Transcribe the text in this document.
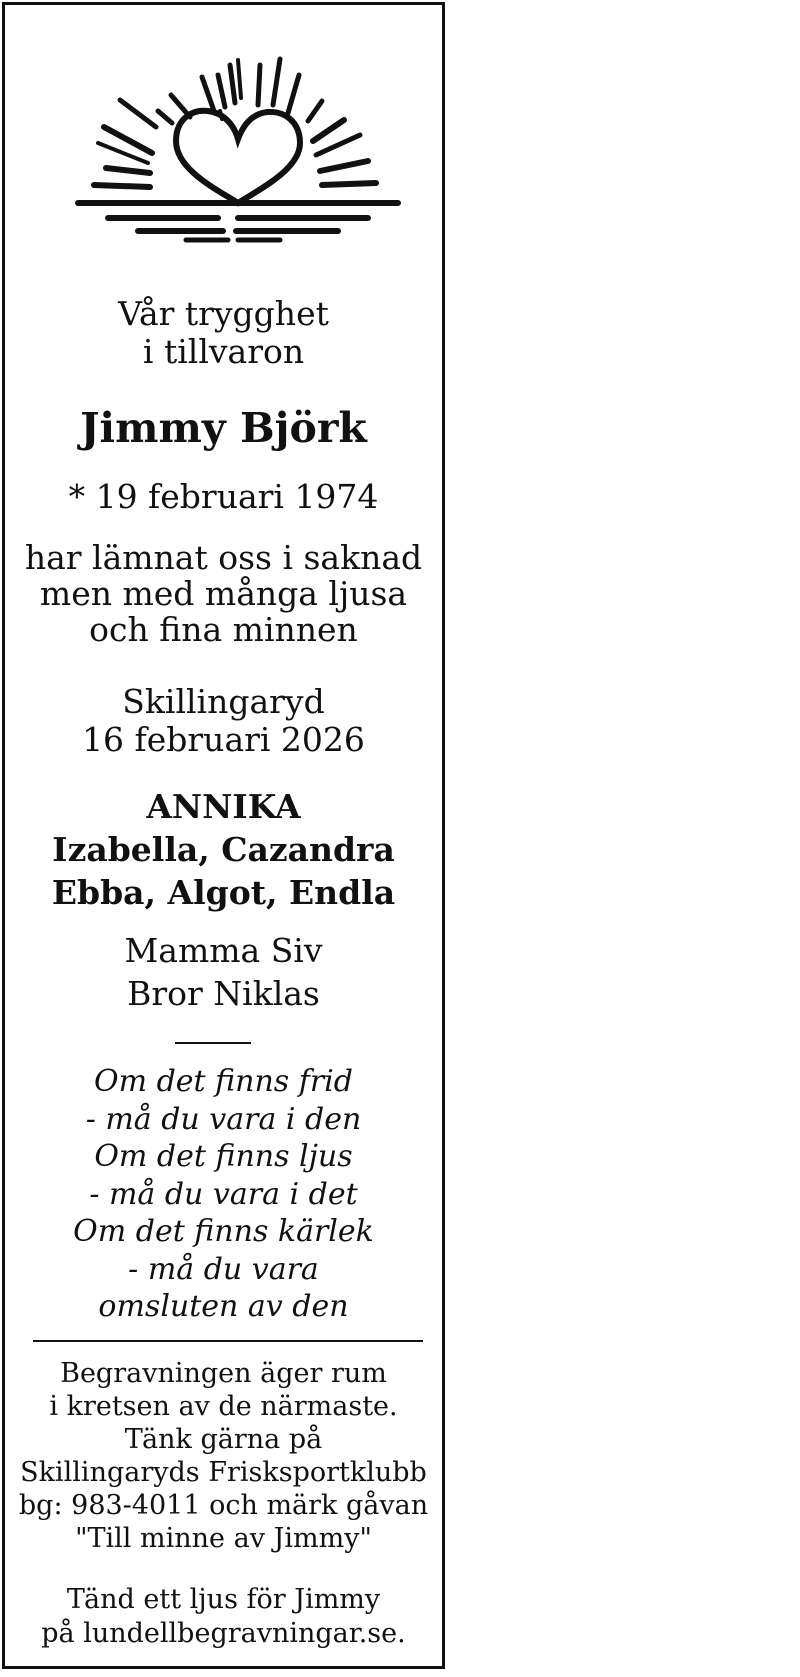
Vår trygghet
i tillvaron
Jimmy Björk
* 19 februari 1974
har lämnat oss i saknad
men med många ljusa
och fina minnen
Skillingaryd
16 februari 2026
ANNIKA
Izabella, Cazandra
Ebba, Algot, Endla
Mamma Siv
Bror Niklas
Om det finns frid
- må du vara i den
Om det finns ljus
- må du vara i det
Om det finns kärlek
- må du vara
omsluten av den
Begravningen äger rum
i kretsen av de närmaste.
Tänk gärna på
Skillingaryds Frisksportklubb
bg: 983-4011 och märk gåvan
"Till minne av Jimmy"
Tänd ett ljus för Jimmy
på lundellbegravningar.se.
